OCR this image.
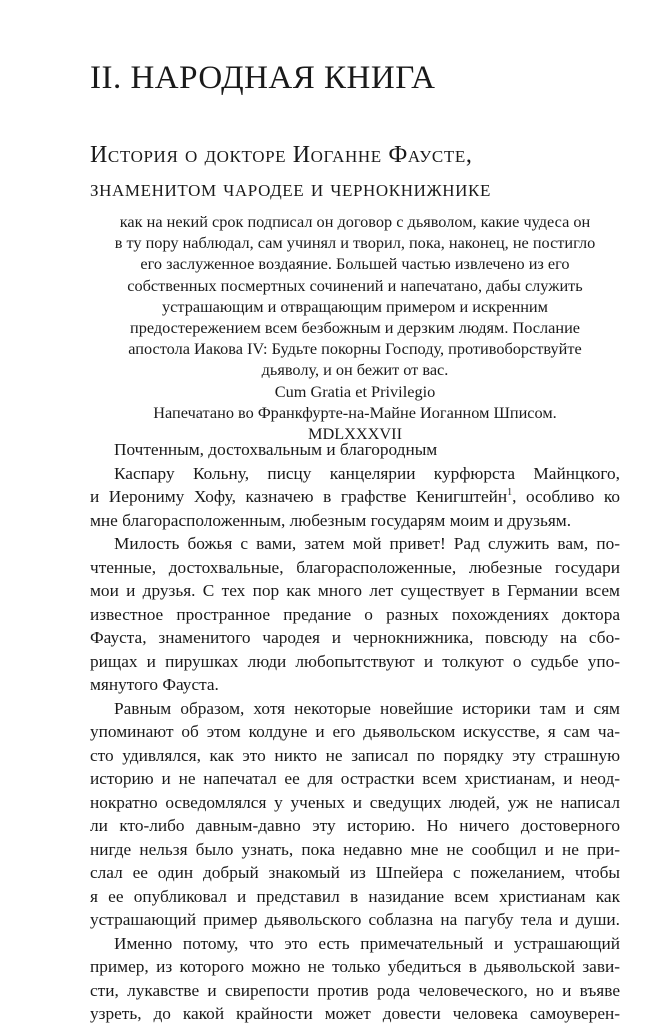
II. НАРОДНАЯ КНИГА
История о докторе Иоганне Фаусте,
знаменитом чародее и чернокнижнике
как на некий срок подписал он договор с дьяволом, какие чудеса он
в ту пору наблюдал, сам учинял и творил, пока, наконец, не постигло
его заслуженное воздаяние. Большей частью извлечено из его
собственных посмертных сочинений и напечатано, дабы служить
устрашающим и отвращающим примером и искренним
предостережением всем безбожным и дерзким людям. Послание
апостола Иакова IV: Будьте покорны Господу, противоборствуйте
дьяволу, и он бежит от вас.
Cum Gratia et Privilegio
Напечатано во Франкфурте-на-Майне Иоганном Шписом.
MDLXXXVII
Почтенным, достохвальным и благородным
Каспару Кольну, писцу канцелярии курфюрста Майнцкого,
и Иерониму Хофу, казначею в графстве Кенигштейн$^1$, особливо ко
мне благорасположенным, любезным государям моим и друзьям.
Милость божья с вами, затем мой привет! Рад служить вам, по-
чтенные, достохвальные, благорасположенные, любезные государи
мои и друзья. С тех пор как много лет существует в Германии всем
известное пространное предание о разных похождениях доктора
Фауста, знаменитого чародея и чернокнижника, повсюду на сбо-
рищах и пирушках люди любопытствуют и толкуют о судьбе упо-
мянутого Фауста.
Равным образом, хотя некоторые новейшие историки там и сям
упоминают об этом колдуне и его дьявольском искусстве, я сам ча-
сто удивлялся, как это никто не записал по порядку эту страшную
историю и не напечатал ее для острастки всем христианам, и неод-
нократно осведомлялся у ученых и сведущих людей, уж не написал
ли кто-либо давным-давно эту историю. Но ничего достоверного
нигде нельзя было узнать, пока недавно мне не сообщил и не при-
слал ее один добрый знакомый из Шпейера с пожеланием, чтобы
я ее опубликовал и представил в назидание всем христианам как
устрашающий пример дьявольского соблазна на пагубу тела и души.
Именно потому, что это есть примечательный и устрашающий
пример, из которого можно не только убедиться в дьявольской зави-
сти, лукавстве и свирепости против рода человеческого, но и въяве
узреть, до какой крайности может довести человека самоуверен-
